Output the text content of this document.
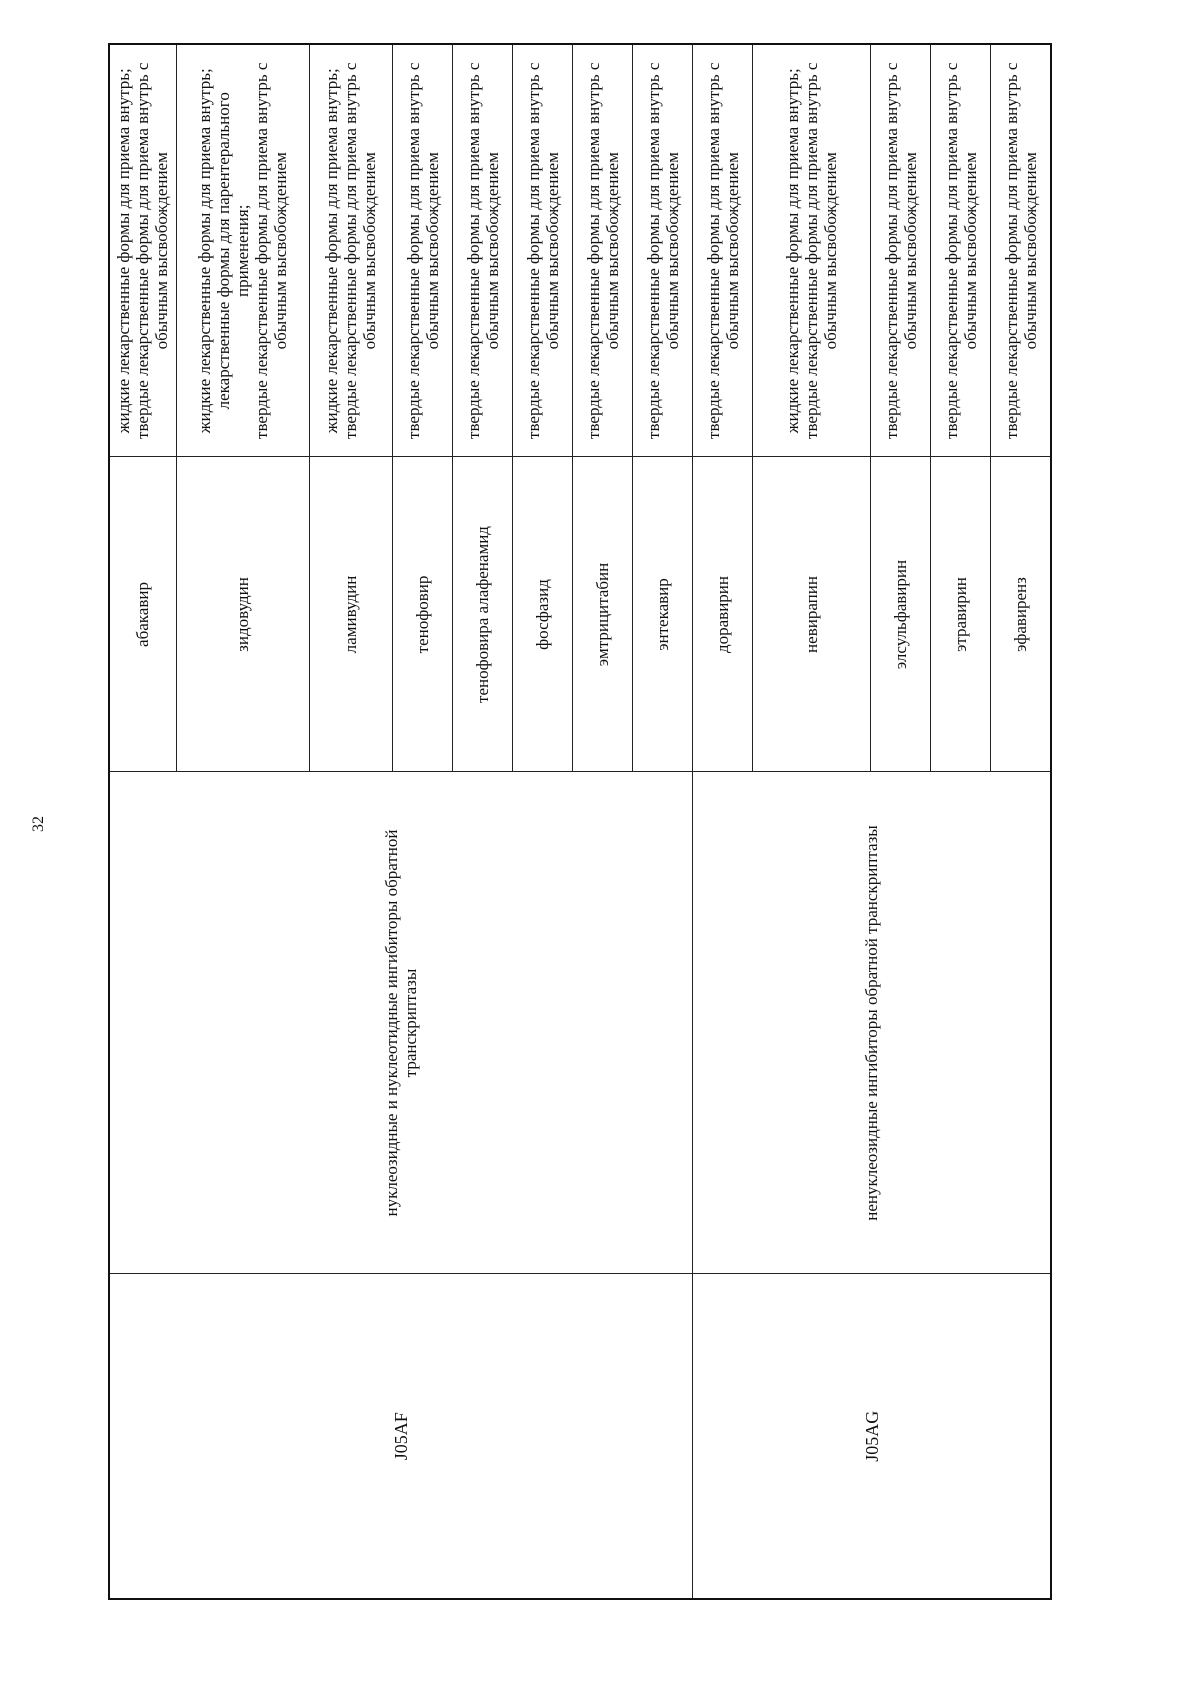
32
J05AF	нуклеозидные и нуклеотидные ингибиторы обратной транскриптазы	абакавир	жидкие лекарственные формы для приема внутрь; твердые лекарственные формы для приема внутрь с обычным высвобождением

		зидовудин	жидкие лекарственные формы для приема внутрь; лекарственные формы для парентерального применения; твердые лекарственные формы для приема внутрь с обычным высвобождением

		ламивудин	жидкие лекарственные формы для приема внутрь; твердые лекарственные формы для приема внутрь с обычным высвобождением

		тенофовир	твердые лекарственные формы для приема внутрь с обычным высвобождением

		тенофовира алафенамид	твердые лекарственные формы для приема внутрь с обычным высвобождением

		фосфазид	твердые лекарственные формы для приема внутрь с обычным высвобождением

		эмтрицитабин	твердые лекарственные формы для приема внутрь с обычным высвобождением

		энтекавир	твердые лекарственные формы для приема внутрь с обычным высвобождением

J05AG	ненуклеозидные ингибиторы обратной транскриптазы	доравирин	твердые лекарственные формы для приема внутрь с обычным высвобождением

		невирапин	жидкие лекарственные формы для приема внутрь; твердые лекарственные формы для приема внутрь с обычным высвобождением

		элсульфавирин	твердые лекарственные формы для приема внутрь с обычным высвобождением

		этравирин	твердые лекарственные формы для приема внутрь с обычным высвобождением

		эфавиренз	твердые лекарственные формы для приема внутрь с обычным высвобождением
